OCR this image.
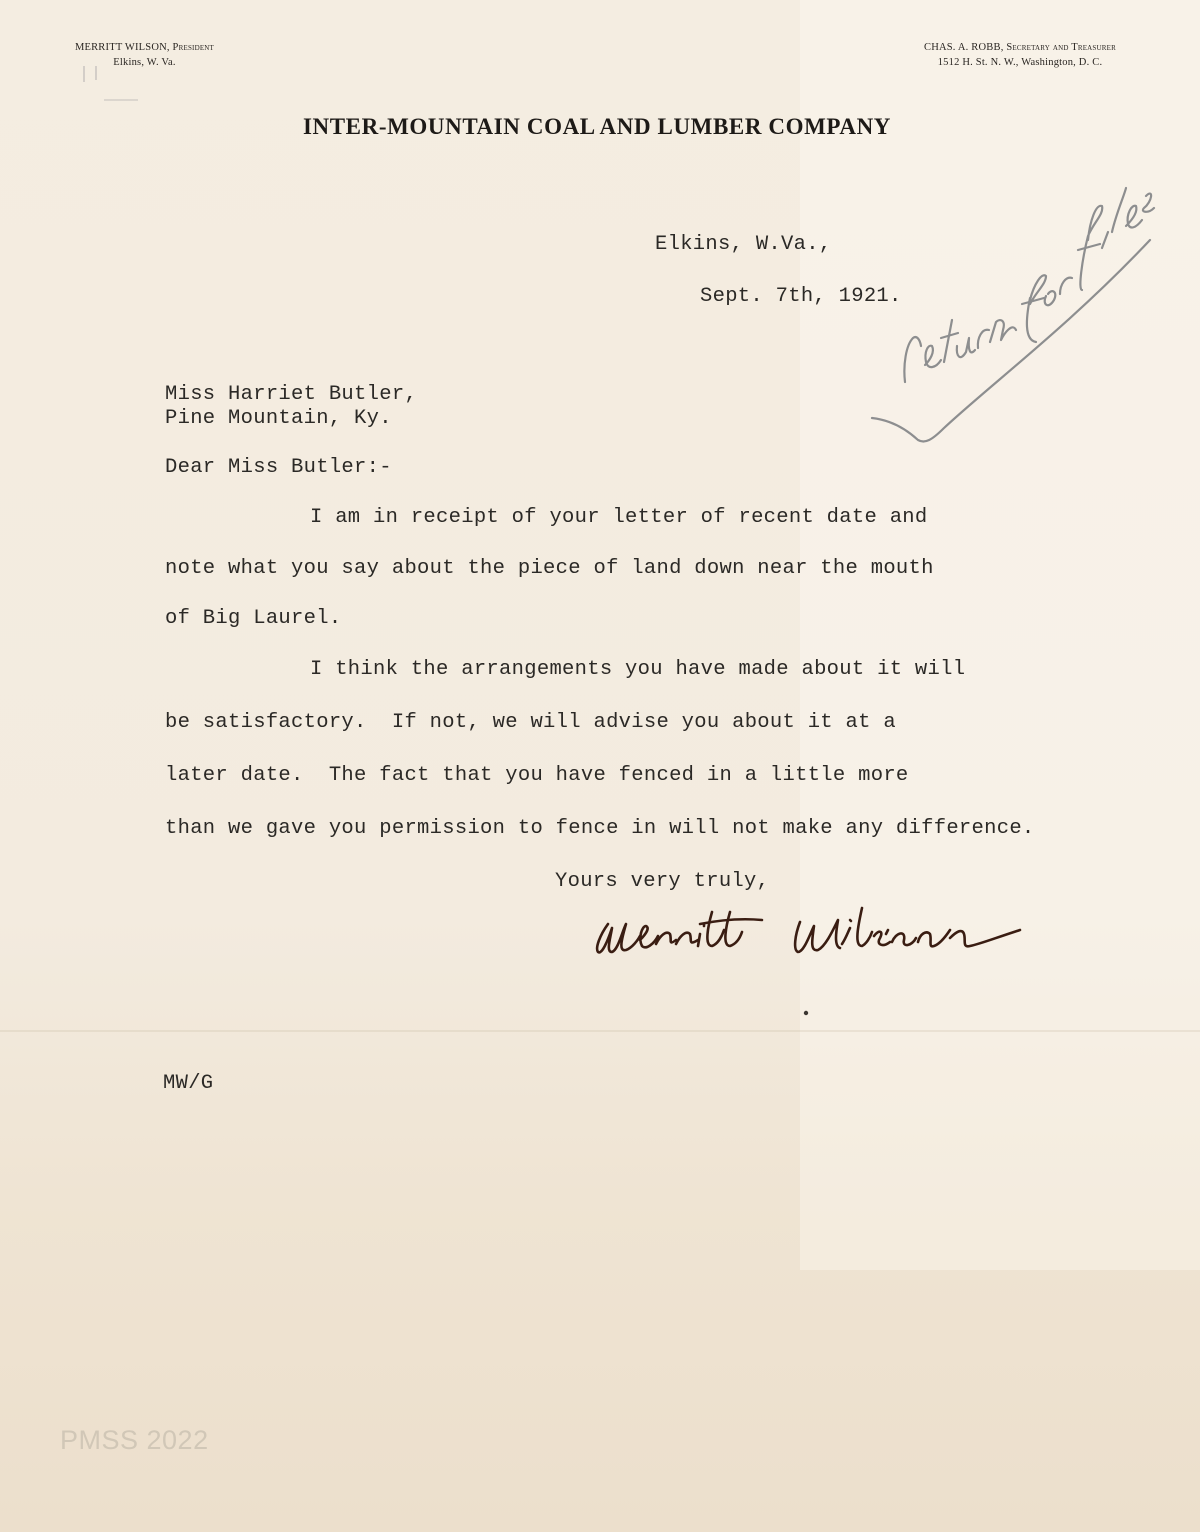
MERRITT WILSON, President
Elkins, W. Va.
CHAS. A. ROBB, Secretary and Treasurer
1512 H. St. N. W., Washington, D. C.
INTER-MOUNTAIN COAL AND LUMBER COMPANY
Elkins, W.Va.,
Sept. 7th, 1921.
Miss Harriet Butler,
Pine Mountain, Ky.
Dear Miss Butler:-
I am in receipt of your letter of recent date and
note what you say about the piece of land down near the mouth
of Big Laurel.
I think the arrangements you have made about it will
be satisfactory.  If not, we will advise you about it at a
later date.  The fact that you have fenced in a little more
than we gave you permission to fence in will not make any difference.
Yours very truly,
MW/G
PMSS 2022
